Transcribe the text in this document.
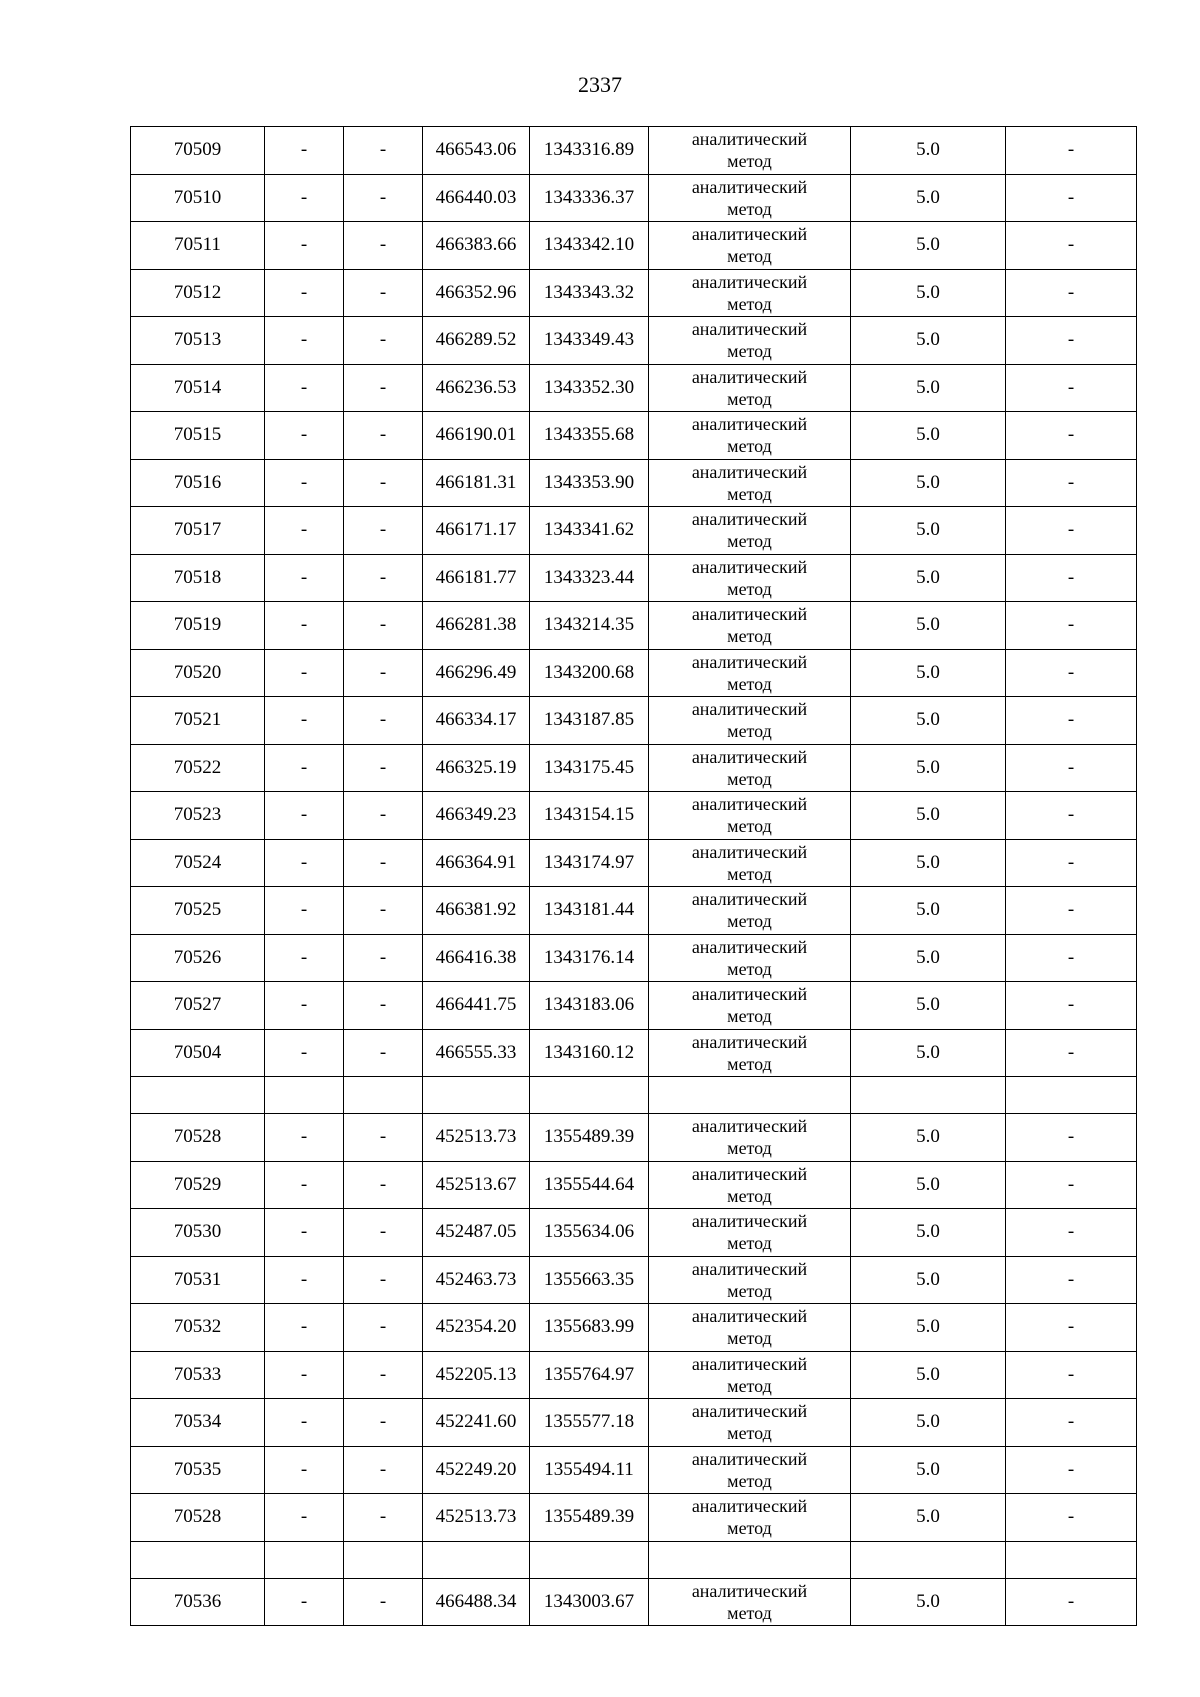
2337
70509	-	-	466543.06	1343316.89	аналитический
метод	5.0	-
70510	-	-	466440.03	1343336.37	аналитический
метод	5.0	-
70511	-	-	466383.66	1343342.10	аналитический
метод	5.0	-
70512	-	-	466352.96	1343343.32	аналитический
метод	5.0	-
70513	-	-	466289.52	1343349.43	аналитический
метод	5.0	-
70514	-	-	466236.53	1343352.30	аналитический
метод	5.0	-
70515	-	-	466190.01	1343355.68	аналитический
метод	5.0	-
70516	-	-	466181.31	1343353.90	аналитический
метод	5.0	-
70517	-	-	466171.17	1343341.62	аналитический
метод	5.0	-
70518	-	-	466181.77	1343323.44	аналитический
метод	5.0	-
70519	-	-	466281.38	1343214.35	аналитический
метод	5.0	-
70520	-	-	466296.49	1343200.68	аналитический
метод	5.0	-
70521	-	-	466334.17	1343187.85	аналитический
метод	5.0	-
70522	-	-	466325.19	1343175.45	аналитический
метод	5.0	-
70523	-	-	466349.23	1343154.15	аналитический
метод	5.0	-
70524	-	-	466364.91	1343174.97	аналитический
метод	5.0	-
70525	-	-	466381.92	1343181.44	аналитический
метод	5.0	-
70526	-	-	466416.38	1343176.14	аналитический
метод	5.0	-
70527	-	-	466441.75	1343183.06	аналитический
метод	5.0	-
70504	-	-	466555.33	1343160.12	аналитический
метод	5.0	-

70528	-	-	452513.73	1355489.39	аналитический
метод	5.0	-
70529	-	-	452513.67	1355544.64	аналитический
метод	5.0	-
70530	-	-	452487.05	1355634.06	аналитический
метод	5.0	-
70531	-	-	452463.73	1355663.35	аналитический
метод	5.0	-
70532	-	-	452354.20	1355683.99	аналитический
метод	5.0	-
70533	-	-	452205.13	1355764.97	аналитический
метод	5.0	-
70534	-	-	452241.60	1355577.18	аналитический
метод	5.0	-
70535	-	-	452249.20	1355494.11	аналитический
метод	5.0	-
70528	-	-	452513.73	1355489.39	аналитический
метод	5.0	-

70536	-	-	466488.34	1343003.67	аналитический
метод	5.0	-
